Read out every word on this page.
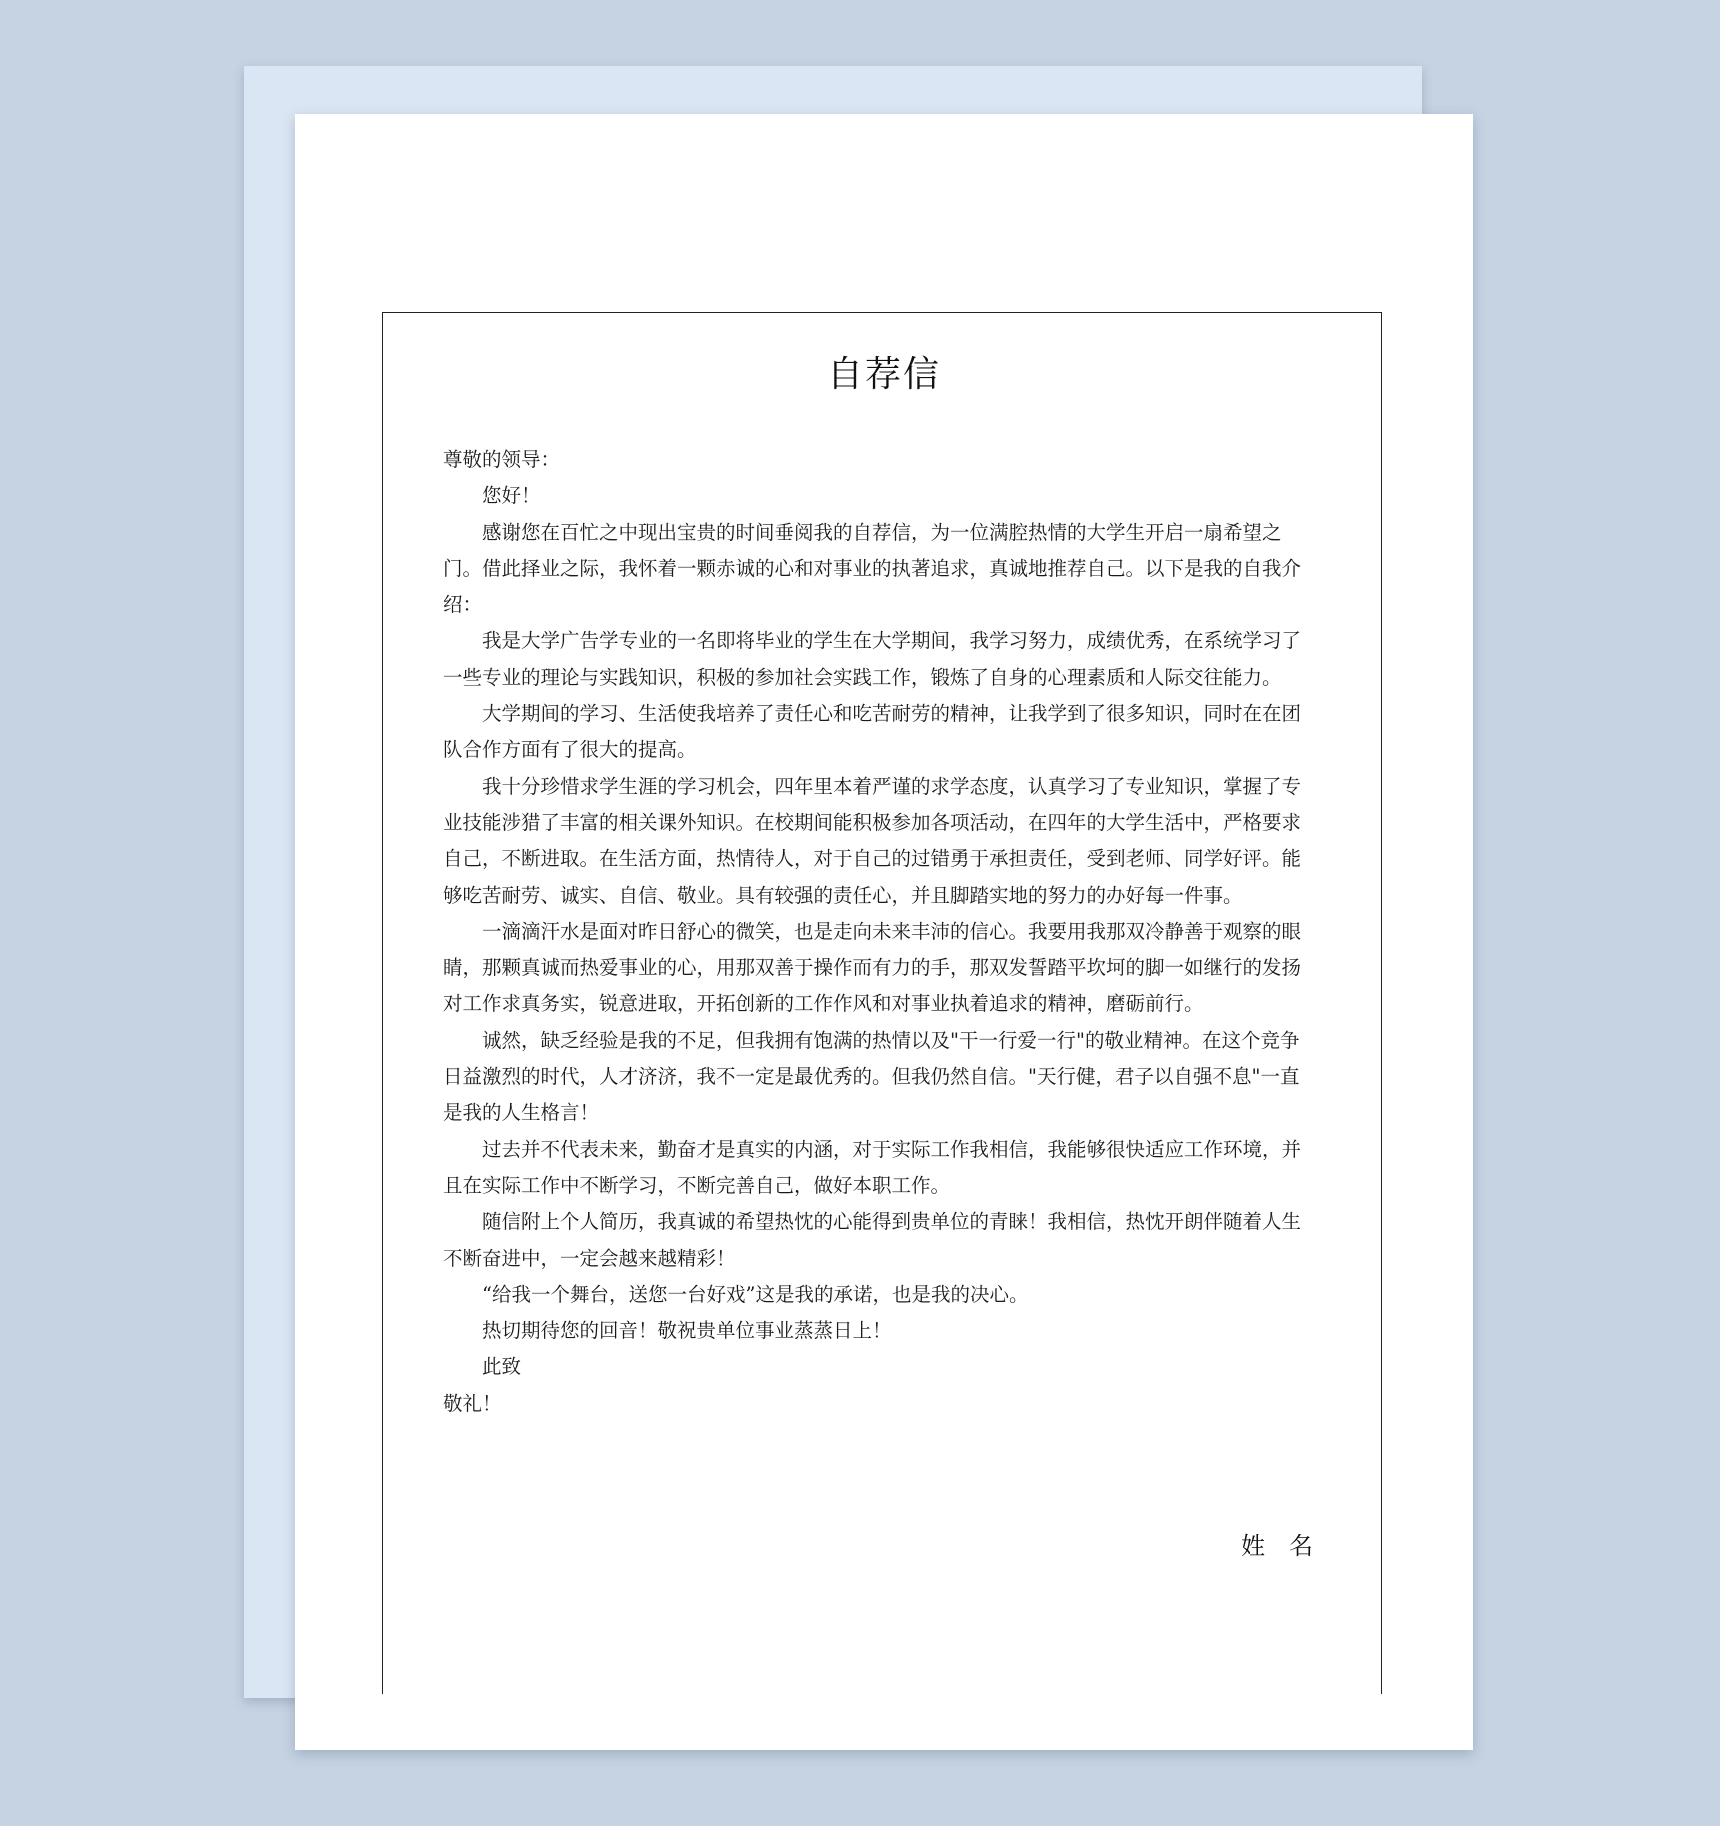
自荐信

尊敬的领导：

您好！

感谢您在百忙之中现出宝贵的时间垂阅我的自荐信，为一位满腔热情的大学生开启一扇希望之门。借此择业之际，我怀着一颗赤诚的心和对事业的执著追求，真诚地推荐自己。以下是我的自我介绍：

我是大学广告学专业的一名即将毕业的学生在大学期间，我学习努力，成绩优秀，在系统学习了一些专业的理论与实践知识，积极的参加社会实践工作，锻炼了自身的心理素质和人际交往能力。

大学期间的学习、生活使我培养了责任心和吃苦耐劳的精神，让我学到了很多知识，同时在在团队合作方面有了很大的提高。

我十分珍惜求学生涯的学习机会，四年里本着严谨的求学态度，认真学习了专业知识，掌握了专业技能涉猎了丰富的相关课外知识。在校期间能积极参加各项活动，在四年的大学生活中，严格要求自己，不断进取。在生活方面，热情待人，对于自己的过错勇于承担责任，受到老师、同学好评。能够吃苦耐劳、诚实、自信、敬业。具有较强的责任心，并且脚踏实地的努力的办好每一件事。

一滴滴汗水是面对昨日舒心的微笑，也是走向未来丰沛的信心。我要用我那双冷静善于观察的眼睛，那颗真诚而热爱事业的心，用那双善于操作而有力的手，那双发誓踏平坎坷的脚一如继行的发扬对工作求真务实，锐意进取，开拓创新的工作作风和对事业执着追求的精神，磨砺前行。

诚然，缺乏经验是我的不足，但我拥有饱满的热情以及"干一行爱一行"的敬业精神。在这个竞争日益激烈的时代，人才济济，我不一定是最优秀的。但我仍然自信。"天行健，君子以自强不息"一直是我的人生格言！

过去并不代表未来，勤奋才是真实的内涵，对于实际工作我相信，我能够很快适应工作环境，并且在实际工作中不断学习，不断完善自己，做好本职工作。

随信附上个人简历，我真诚的希望热忱的心能得到贵单位的青睐！我相信，热忱开朗伴随着人生不断奋进中，一定会越来越精彩！

“给我一个舞台，送您一台好戏”这是我的承诺，也是我的决心。

热切期待您的回音！敬祝贵单位事业蒸蒸日上！

此致

敬礼！

姓　名
